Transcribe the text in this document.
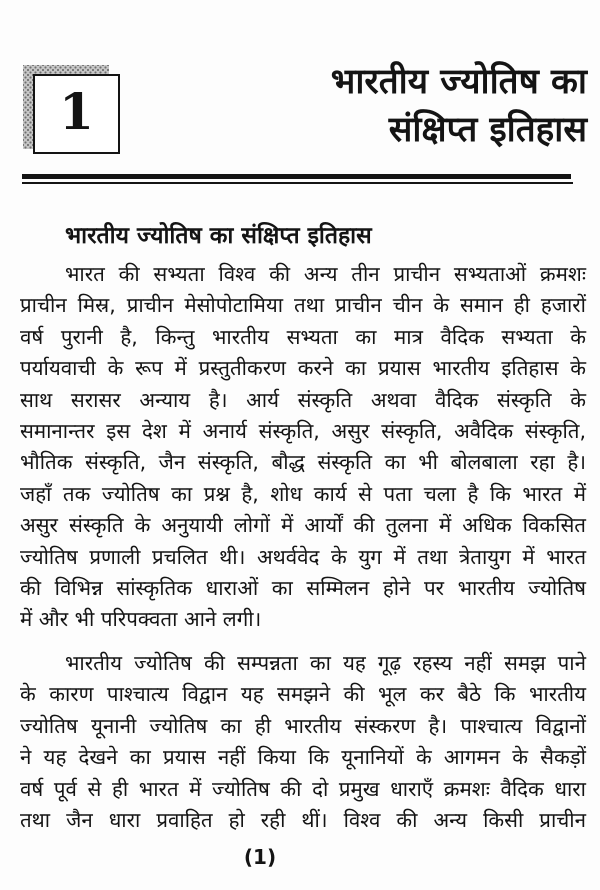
1	भारतीय ज्योतिष का
संक्षिप्त इतिहास
भारतीय ज्योतिष का संक्षिप्त इतिहास
भारत की सभ्यता विश्व की अन्य तीन प्राचीन सभ्यताओं क्रमशः
प्राचीन मिस्र, प्राचीन मेसोपोटामिया तथा प्राचीन चीन के समान ही हजारों
वर्ष पुरानी है, किन्तु भारतीय सभ्यता का मात्र वैदिक सभ्यता के
पर्यायवाची के रूप में प्रस्तुतीकरण करने का प्रयास भारतीय इतिहास के
साथ सरासर अन्याय है। आर्य संस्कृति अथवा वैदिक संस्कृति के
समानान्तर इस देश में अनार्य संस्कृति, असुर संस्कृति, अवैदिक संस्कृति,
भौतिक संस्कृति, जैन संस्कृति, बौद्ध संस्कृति का भी बोलबाला रहा है।
जहाँ तक ज्योतिष का प्रश्न है, शोध कार्य से पता चला है कि भारत में
असुर संस्कृति के अनुयायी लोगों में आर्यों की तुलना में अधिक विकसित
ज्योतिष प्रणाली प्रचलित थी। अथर्ववेद के युग में तथा त्रेतायुग में भारत
की विभिन्न सांस्कृतिक धाराओं का सम्मिलन होने पर भारतीय ज्योतिष
में और भी परिपक्वता आने लगी।
भारतीय ज्योतिष की सम्पन्नता का यह गूढ़ रहस्य नहीं समझ पाने
के कारण पाश्चात्य विद्वान यह समझने की भूल कर बैठे कि भारतीय
ज्योतिष यूनानी ज्योतिष का ही भारतीय संस्करण है। पाश्चात्य विद्वानों
ने यह देखने का प्रयास नहीं किया कि यूनानियों के आगमन के सैकड़ों
वर्ष पूर्व से ही भारत में ज्योतिष की दो प्रमुख धाराएँ क्रमशः वैदिक धारा
तथा जैन धारा प्रवाहित हो रही थीं। विश्व की अन्य किसी प्राचीन
(1)
